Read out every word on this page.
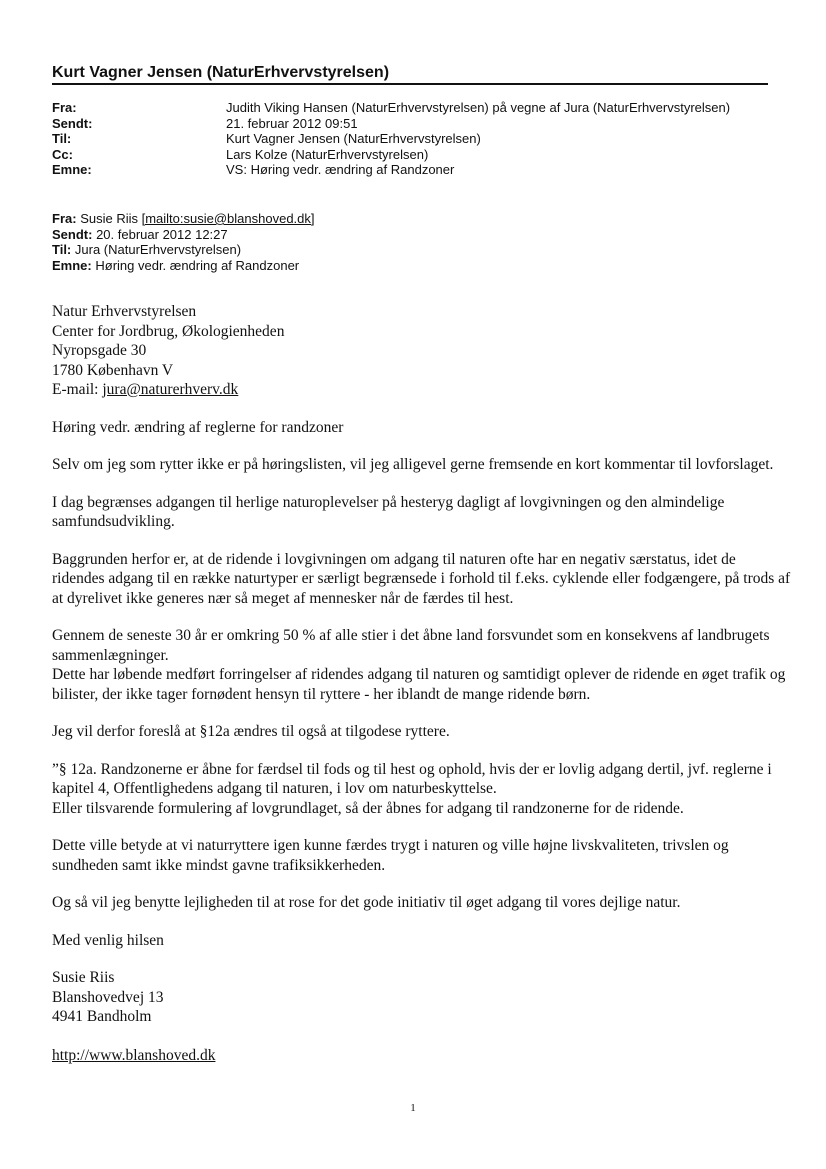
Kurt Vagner Jensen (NaturErhvervstyrelsen)
Fra:	Judith Viking Hansen (NaturErhvervstyrelsen) på vegne af Jura (NaturErhvervstyrelsen)
Sendt:	21. februar 2012 09:51
Til:	Kurt Vagner Jensen (NaturErhvervstyrelsen)
Cc:	Lars Kolze (NaturErhvervstyrelsen)
Emne:	VS: Høring vedr. ændring af Randzoner
Fra: Susie Riis [mailto:susie@blanshoved.dk]
Sendt: 20. februar 2012 12:27
Til: Jura (NaturErhvervstyrelsen)
Emne: Høring vedr. ændring af Randzoner

Natur Erhvervstyrelsen

Center for Jordbrug, Økologienheden

Nyropsgade 30

1780 København V

E-mail: jura@naturerhverv.dk

Høring vedr. ændring af reglerne for randzoner

Selv om jeg som rytter ikke er på høringslisten, vil jeg alligevel gerne fremsende en kort kommentar til lovforslaget.

I dag begrænses adgangen til herlige naturoplevelser på hesteryg dagligt af lovgivningen og den almindelige samfundsudvikling.

Baggrunden herfor er, at de ridende i lovgivningen om adgang til naturen ofte har en negativ særstatus, idet de ridendes adgang til en række naturtyper er særligt begrænsede i forhold til f.eks. cyklende eller fodgængere, på trods af at dyrelivet ikke generes nær så meget af mennesker når de færdes til hest.

Gennem de seneste 30 år er omkring 50 % af alle stier i det åbne land forsvundet som en konsekvens af landbrugets sammenlægninger.
Dette har løbende medført forringelser af ridendes adgang til naturen og samtidigt oplever de ridende en øget trafik og bilister, der ikke tager fornødent hensyn til ryttere - her iblandt de mange ridende børn.

Jeg vil derfor foreslå at §12a ændres til også at tilgodese ryttere.

”§ 12a. Randzonerne er åbne for færdsel til fods og til hest og ophold, hvis der er lovlig adgang dertil, jvf. reglerne i kapitel 4, Offentlighedens adgang til naturen, i lov om naturbeskyttelse.
Eller tilsvarende formulering af lovgrundlaget, så der åbnes for adgang til randzonerne for de ridende.

Dette ville betyde at vi naturryttere igen kunne færdes trygt i naturen og ville højne livskvaliteten, trivslen og sundheden samt ikke mindst gavne trafiksikkerheden.

Og så vil jeg benytte lejligheden til at rose for det gode initiativ til øget adgang til vores dejlige natur.

Med venlig hilsen

Susie Riis

Blanshovedvej 13

4941 Bandholm

http://www.blanshoved.dk

1
